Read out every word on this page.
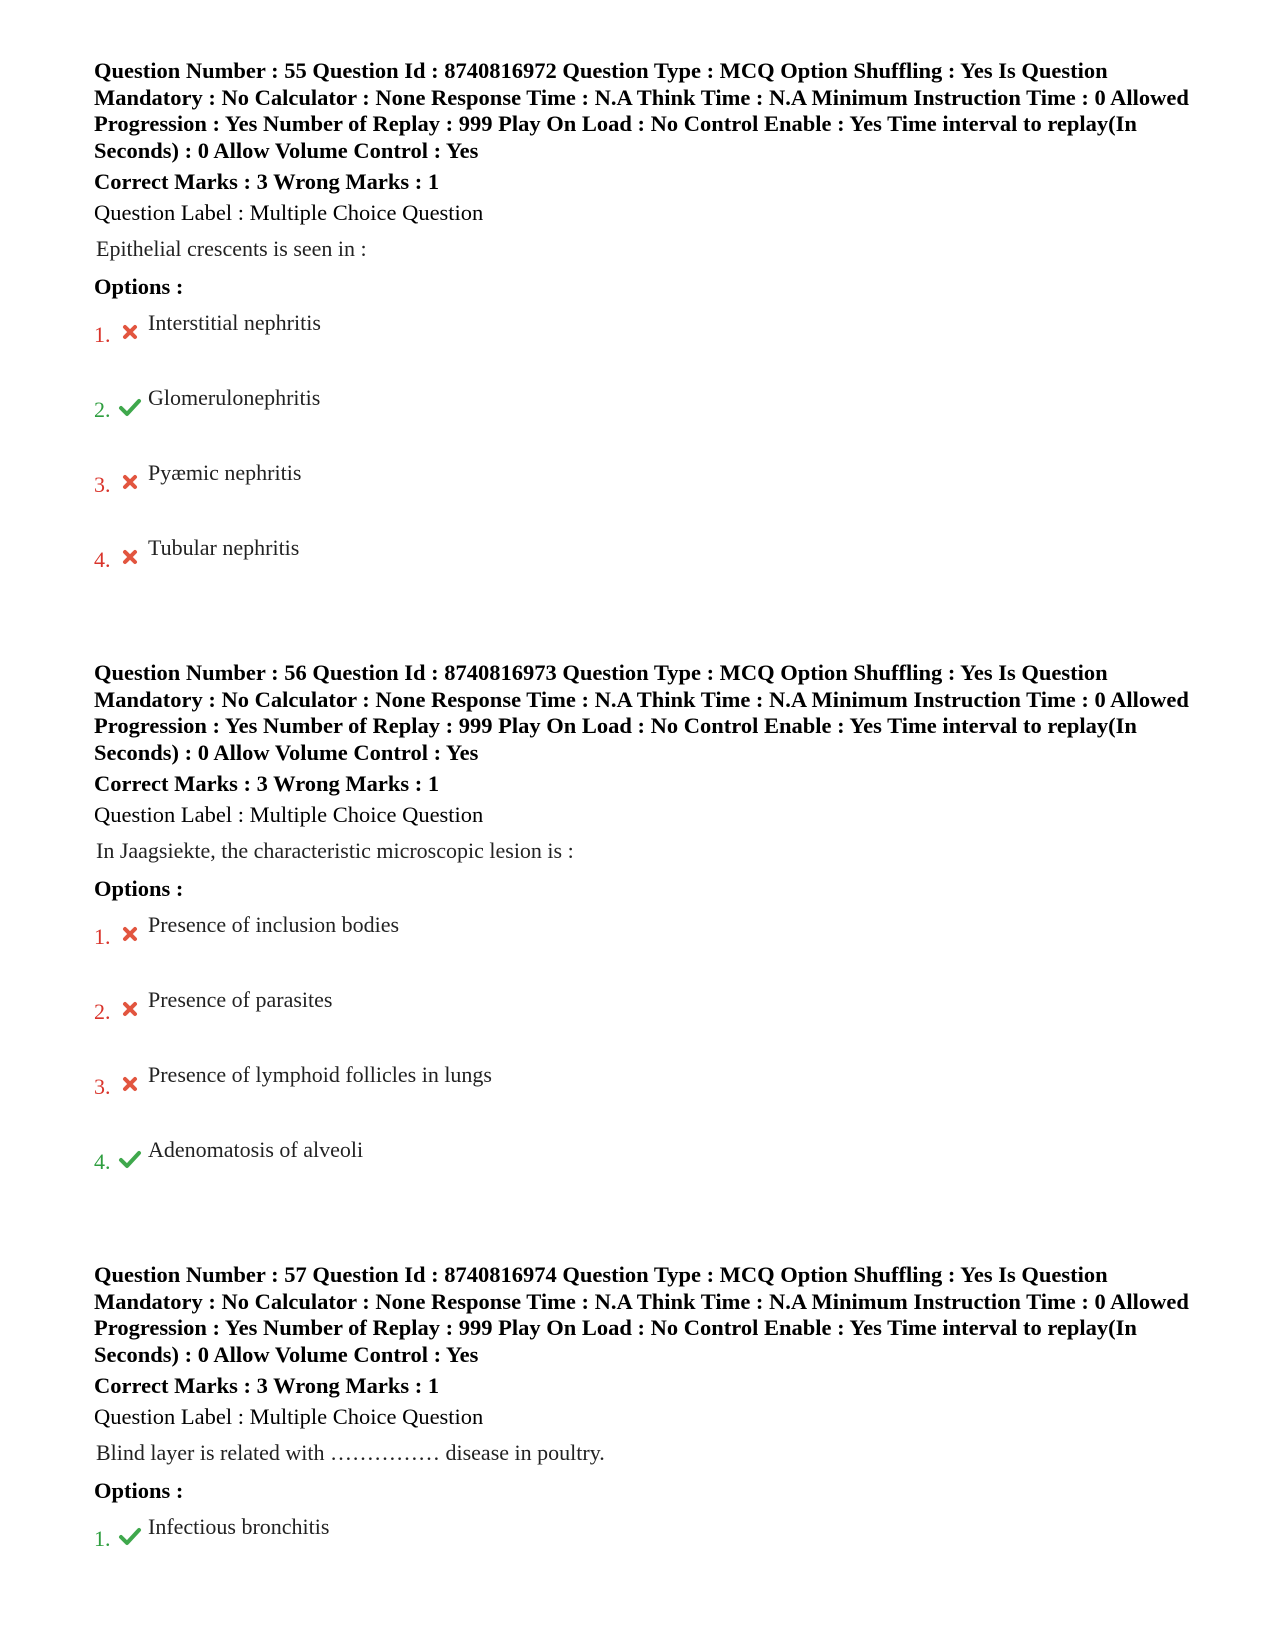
Question Number : 55 Question Id : 8740816972 Question Type : MCQ Option Shuffling : Yes Is Question Mandatory : No Calculator : None Response Time : N.A Think Time : N.A Minimum Instruction Time : 0 Allowed Progression : Yes Number of Replay : 999 Play On Load : No Control Enable : Yes Time interval to replay(In Seconds) : 0 Allow Volume Control : Yes
Correct Marks : 3 Wrong Marks : 1
Question Label : Multiple Choice Question
Epithelial crescents is seen in :
Options :
1. Interstitial nephritis
2. Glomerulonephritis
3. Pyæmic nephritis
4. Tubular nephritis
Question Number : 56 Question Id : 8740816973 Question Type : MCQ Option Shuffling : Yes Is Question Mandatory : No Calculator : None Response Time : N.A Think Time : N.A Minimum Instruction Time : 0 Allowed Progression : Yes Number of Replay : 999 Play On Load : No Control Enable : Yes Time interval to replay(In Seconds) : 0 Allow Volume Control : Yes
Correct Marks : 3 Wrong Marks : 1
Question Label : Multiple Choice Question
In Jaagsiekte, the characteristic microscopic lesion is :
Options :
1. Presence of inclusion bodies
2. Presence of parasites
3. Presence of lymphoid follicles in lungs
4. Adenomatosis of alveoli
Question Number : 57 Question Id : 8740816974 Question Type : MCQ Option Shuffling : Yes Is Question Mandatory : No Calculator : None Response Time : N.A Think Time : N.A Minimum Instruction Time : 0 Allowed Progression : Yes Number of Replay : 999 Play On Load : No Control Enable : Yes Time interval to replay(In Seconds) : 0 Allow Volume Control : Yes
Correct Marks : 3 Wrong Marks : 1
Question Label : Multiple Choice Question
Blind layer is related with …………… disease in poultry.
Options :
1. Infectious bronchitis
